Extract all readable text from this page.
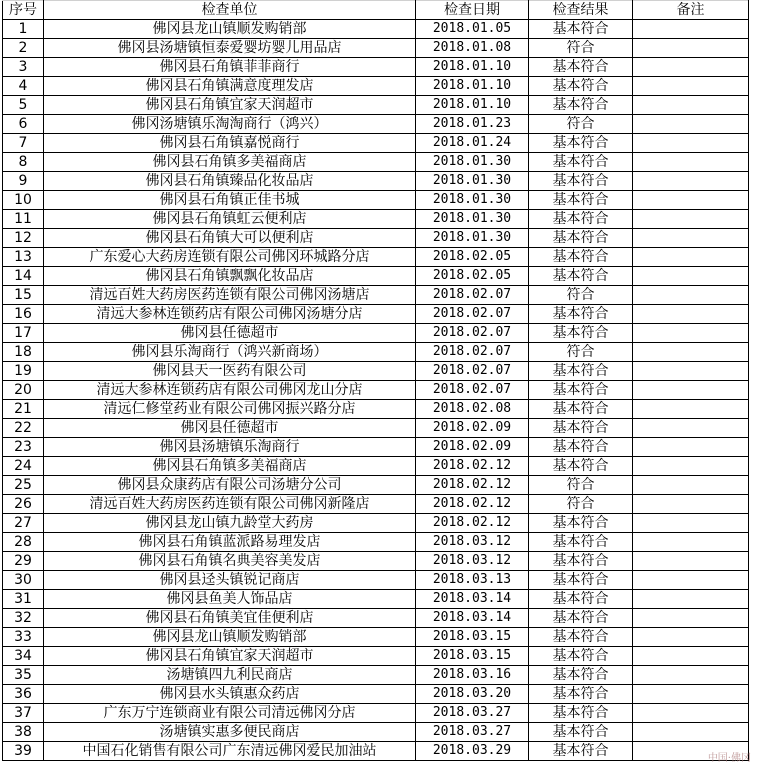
序号	检查单位	检查日期	检查结果	备注
1	佛冈县龙山镇顺发购销部	2018.01.05	基本符合	
2	佛冈县汤塘镇恒泰爱婴坊婴儿用品店	2018.01.08	符合	
3	佛冈县石角镇菲菲商行	2018.01.10	基本符合	
4	佛冈县石角镇满意度理发店	2018.01.10	基本符合	
5	佛冈县石角镇宜家天润超市	2018.01.10	基本符合	
6	佛冈汤塘镇乐淘淘商行（鸿兴）	2018.01.23	符合	
7	佛冈县石角镇嘉悦商行	2018.01.24	基本符合	
8	佛冈县石角镇多美福商店	2018.01.30	基本符合	
9	佛冈县石角镇臻品化妆品店	2018.01.30	基本符合	
10	佛冈县石角镇正佳书城	2018.01.30	基本符合	
11	佛冈县石角镇虹云便利店	2018.01.30	基本符合	
12	佛冈县石角镇大可以便利店	2018.01.30	基本符合	
13	广东爱心大药房连锁有限公司佛冈环城路分店	2018.02.05	基本符合	
14	佛冈县石角镇飘飘化妆品店	2018.02.05	基本符合	
15	清远百姓大药房医药连锁有限公司佛冈汤塘店	2018.02.07	符合	
16	清远大参林连锁药店有限公司佛冈汤塘分店	2018.02.07	基本符合	
17	佛冈县任德超市	2018.02.07	基本符合	
18	佛冈县乐淘商行（鸿兴新商场）	2018.02.07	符合	
19	佛冈县天一医药有限公司	2018.02.07	基本符合	
20	清远大参林连锁药店有限公司佛冈龙山分店	2018.02.07	基本符合	
21	清远仁修堂药业有限公司佛冈振兴路分店	2018.02.08	基本符合	
22	佛冈县任德超市	2018.02.09	基本符合	
23	佛冈县汤塘镇乐淘商行	2018.02.09	基本符合	
24	佛冈县石角镇多美福商店	2018.02.12	基本符合	
25	佛冈县众康药店有限公司汤塘分公司	2018.02.12	符合	
26	清远百姓大药房医药连锁有限公司佛冈新隆店	2018.02.12	符合	
27	佛冈县龙山镇九龄堂大药房	2018.02.12	基本符合	
28	佛冈县石角镇蓝派路易理发店	2018.03.12	基本符合	
29	佛冈县石角镇名典美容美发店	2018.03.12	基本符合	
30	佛冈县迳头镇锐记商店	2018.03.13	基本符合	
31	佛冈县鱼美人饰品店	2018.03.14	基本符合	
32	佛冈县石角镇美宜佳便利店	2018.03.14	基本符合	
33	佛冈县龙山镇顺发购销部	2018.03.15	基本符合	
34	佛冈县石角镇宜家天润超市	2018.03.15	基本符合	
35	汤塘镇四九利民商店	2018.03.16	基本符合	
36	佛冈县水头镇惠众药店	2018.03.20	基本符合	
37	广东万宁连锁商业有限公司清远佛冈分店	2018.03.27	基本符合	
38	汤塘镇实惠多便民商店	2018.03.27	基本符合	
39	中国石化销售有限公司广东清远佛冈爱民加油站	2018.03.29	基本符合		中国·佛冈
